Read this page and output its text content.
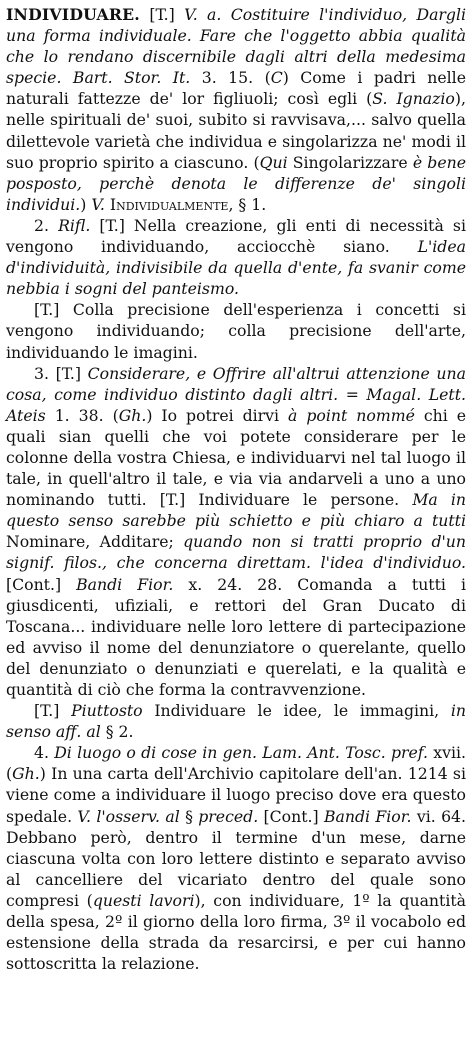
INDIVIDUARE. [T.] V. a. Costituire l'individuo, Dargli una forma individuale. Fare che l'oggetto abbia qualità che lo rendano discernibile dagli altri della medesima specie. Bart. Stor. It. 3. 15. (C) Come i padri nelle naturali fattezze de' lor figliuoli; così egli (S. Ignazio), nelle spirituali de' suoi, subito si ravvisava,... salvo quella dilettevole varietà che individua e singolarizza ne' modi il suo proprio spirito a ciascuno. (Qui Singolarizzare è bene posposto, perchè denota le differenze de' singoli individui.) V. Individualmente, § 1.

2. Rifl. [T.] Nella creazione, gli enti di necessità si vengono individuando, acciocchè siano. L'idea d'individuità, indivisibile da quella d'ente, fa svanir come nebbia i sogni del panteismo.

[T.] Colla precisione dell'esperienza i concetti si vengono individuando; colla precisione dell'arte, individuando le imagini.

3. [T.] Considerare, e Offrire all'altrui attenzione una cosa, come individuo distinto dagli altri. = Magal. Lett. Ateis 1. 38. (Gh.) Io potrei dirvi à point nommé chi e quali sian quelli che voi potete considerare per le colonne della vostra Chiesa, e individuarvi nel tal luogo il tale, in quell'altro il tale, e via via andarveli a uno a uno nominando tutti. [T.] Individuare le persone. Ma in questo senso sarebbe più schietto e più chiaro a tutti Nominare, Additare; quando non si tratti proprio d'un signif. filos., che concerna direttam. l'idea d'individuo. [Cont.] Bandi Fior. x. 24. 28. Comanda a tutti i giusdicenti, ufiziali, e rettori del Gran Ducato di Toscana... individuare nelle loro lettere di partecipazione ed avviso il nome del denunziatore o querelante, quello del denunziato o denunziati e querelati, e la qualità e quantità di ciò che forma la contravvenzione.

[T.] Piuttosto Individuare le idee, le immagini, in senso aff. al § 2.

4. Di luogo o di cose in gen. Lam. Ant. Tosc. pref. xvii. (Gh.) In una carta dell'Archivio capitolare dell'an. 1214 si viene come a individuare il luogo preciso dove era questo spedale. V. l'osserv. al § preced. [Cont.] Bandi Fior. vi. 64. Debbano però, dentro il termine d'un mese, darne ciascuna volta con loro lettere distinto e separato avviso al cancelliere del vicariato dentro del quale sono compresi (questi lavori), con individuare, 1º la quantità della spesa, 2º il giorno della loro firma, 3º il vocabolo ed estensione della strada da resarcirsi, e per cui hanno sottoscritta la relazione.
